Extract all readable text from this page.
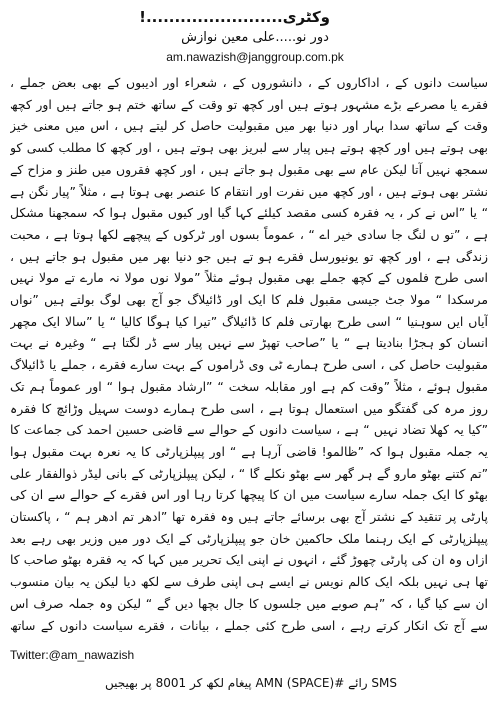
وکٹری........................!
دور نو.....علی معین نوازش
am.nawazish@janggroup.com.pk

سیاست دانوں کے ، اداکاروں کے ، دانشوروں کے ، شعراء اور ادیبوں کے بھی بعض جملے ، فقرے یا مصرعے بڑے مشہور ہوتے ہیں اور کچھ تو وقت کے ساتھ ختم ہو جاتے ہیں اور کچھ وقت کے ساتھ سدا بہار اور دنیا بھر میں مقبولیت حاصل کر لیتے ہیں ، اس میں معنی خیز بھی ہوتے ہیں اور کچھ ہوتے ہیں پیار سے لبریز بھی ہوتے ہیں ، اور کچھ کا مطلب کسی کو سمجھ نہیں آتا لیکن عام سے بھی مقبول ہو جاتے ہیں ، اور کچھ فقروں میں طنز و مزاح کے نشتر بھی ہوتے ہیں ، اور کچھ میں نفرت اور انتقام کا عنصر بھی ہوتا ہے ، مثلاً ”پیار نگن ہے “ یا ”اس نے کر ، یہ فقرہ کسی مقصد کیلئے کہا گیا اور کیوں مقبول ہوا کہ سمجھنا مشکل ہے ، ”تو ں لنگ جا سادی خیر اے “ ، عموماً بسوں اور ٹرکوں کے پیچھے لکھا ہوتا ہے ، محبت زندگی ہے ، اور کچھ تو یونیورسل فقرے ہو تے ہیں جو دنیا بھر میں مقبول ہو جاتے ہیں ، اسی طرح فلموں کے کچھ جملے بھی مقبول ہوئے مثلاً ”مولا نوں مولا نہ مارے تے مولا نہیں مرسکدا “ مولا جٹ جیسی مقبول فلم کا ایک اور ڈائیلاگ جو آج بھی لوگ بولتے ہیں ”نواں آیاں ایں سوہنیا “ اسی طرح بھارتی فلم کا ڈائیلاگ ”تیرا کیا ہوگا کالیا “ یا ”سالا ایک مچھر انسان کو ہجڑا بنادیتا ہے “ یا ”صاحب تھپڑ سے نہیں پیار سے ڈر لگتا ہے “ وغیرہ نے بہت مقبولیت حاصل کی ، اسی طرح ہمارے ٹی وی ڈراموں کے بہت سارے فقرے ، جملے یا ڈائیلاگ مقبول ہوئے ، مثلاً ”وقت کم ہے اور مقابلہ سخت “ ”ارشاد مقبول ہوا “ اور عموماً ہم تک روز مرہ کی گفتگو میں استعمال ہوتا ہے ، اسی طرح ہمارے دوست سہیل وڑائچ کا فقرہ ”کیا یہ کھلا تضاد نہیں “ ہے ، سیاست دانوں کے حوالے سے قاضی حسین احمد کی جماعت کا یہ جملہ مقبول ہوا کہ ”ظالمو! قاضی آرہا ہے “ اور پیپلزپارٹی کا یہ نعرہ بہت مقبول ہوا ”تم کتنے بھٹو مارو گے ہر گھر سے بھٹو نکلے گا “ ، لیکن پیپلزپارٹی کے بانی لیڈر ذوالفقار علی بھٹو کا ایک جملہ سارے سیاست میں ان کا پیچھا کرتا رہا اور اس فقرے کے حوالے سے ان کی پارٹی پر تنقید کے نشتر آج بھی برسائے جاتے ہیں وہ فقرہ تھا ”ادھر تم ادھر ہم “ ، پاکستان پیپلزپارٹی کے ایک رہنما ملک حاکمین خان جو پیپلزپارٹی کے ایک دور میں وزیر بھی رہے بعد ازاں وہ ان کی پارٹی چھوڑ گئے ، انہوں نے اپنی ایک تحریر میں کہا کہ یہ فقرہ بھٹو صاحب کا تھا ہی نہیں بلکہ ایک کالم نویس نے ایسے ہی اپنی طرف سے لکھ دیا لیکن یہ بیان منسوب ان سے کیا گیا ، کہ ”ہم صوبے میں جلسوں کا جال بچھا دیں گے “ لیکن وہ جملہ صرف اس سے آج تک انکار کرتے رہے ، اسی طرح کئی جملے ، بیانات ، فقرے سیاست دانوں کے ساتھ

Twitter:@am_nawazish
SMS رائے #AMN (SPACE) پیغام لکھ کر 8001 پر بھیجیں
